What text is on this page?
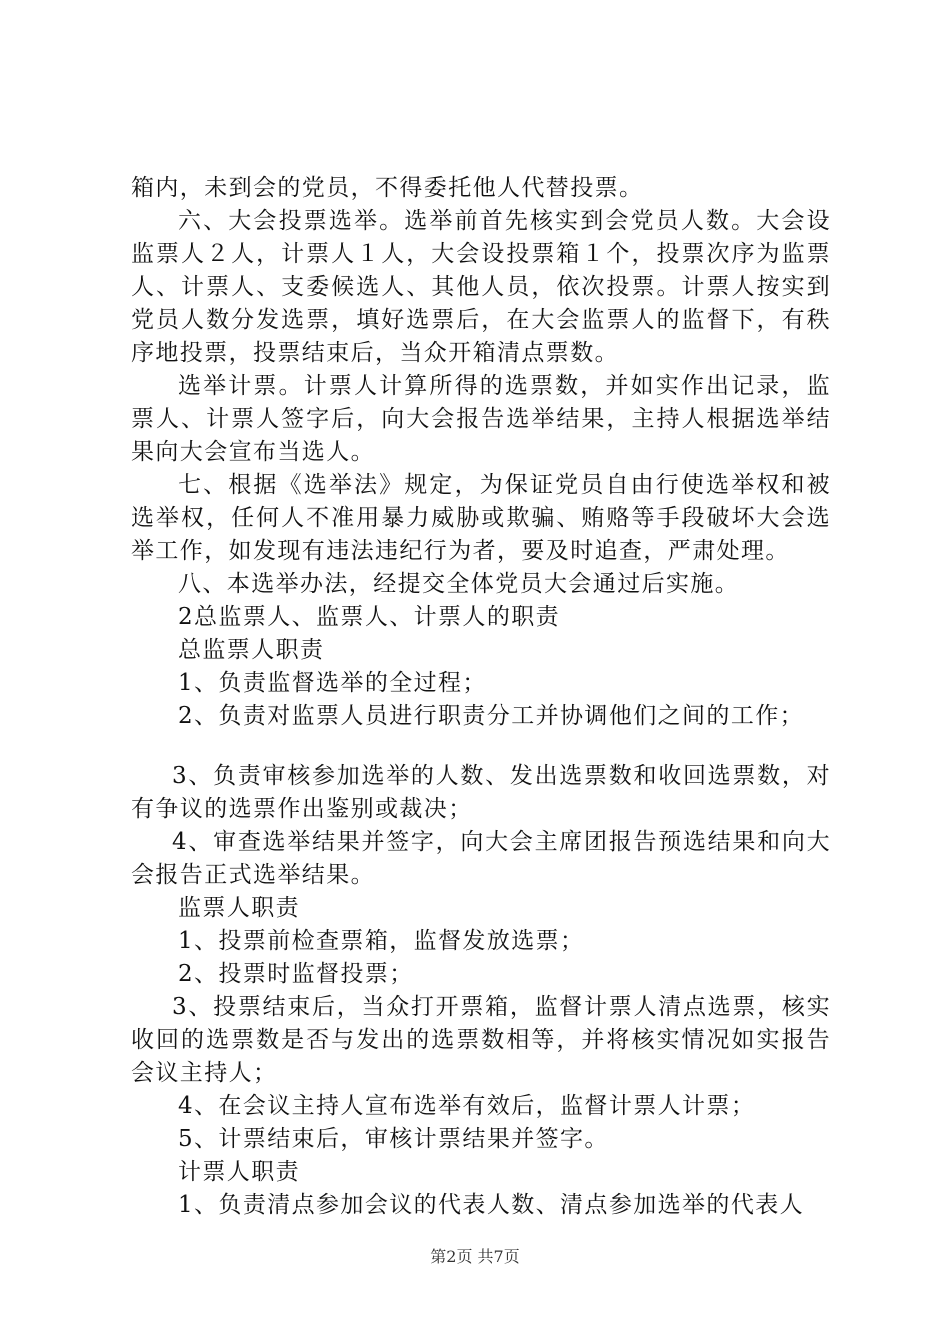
箱内，未到会的党员，不得委托他人代替投票。

六、大会投票选举。选举前首先核实到会党员人数。大会设监票人２人，计票人１人，大会设投票箱１个，投票次序为监票人、计票人、支委候选人、其他人员，依次投票。计票人按实到党员人数分发选票，填好选票后，在大会监票人的监督下，有秩序地投票，投票结束后，当众开箱清点票数。

选举计票。计票人计算所得的选票数，并如实作出记录，监票人、计票人签字后，向大会报告选举结果，主持人根据选举结果向大会宣布当选人。

七、根据《选举法》规定，为保证党员自由行使选举权和被选举权，任何人不准用暴力威胁或欺骗、贿赂等手段破坏大会选举工作，如发现有违法违纪行为者，要及时追查，严肃处理。

八、本选举办法，经提交全体党员大会通过后实施。

2总监票人、监票人、计票人的职责

总监票人职责

1、负责监督选举的全过程；

2、负责对监票人员进行职责分工并协调他们之间的工作；

3、负责审核参加选举的人数、发出选票数和收回选票数，对有争议的选票作出鉴别或裁决；

4、审查选举结果并签字，向大会主席团报告预选结果和向大会报告正式选举结果。

监票人职责

1、投票前检查票箱，监督发放选票；

2、投票时监督投票；

3、投票结束后，当众打开票箱，监督计票人清点选票，核实收回的选票数是否与发出的选票数相等，并将核实情况如实报告会议主持人；

4、在会议主持人宣布选举有效后，监督计票人计票；

5、计票结束后，审核计票结果并签字。

计票人职责

1、负责清点参加会议的代表人数、清点参加选举的代表人

第2页 共7页
